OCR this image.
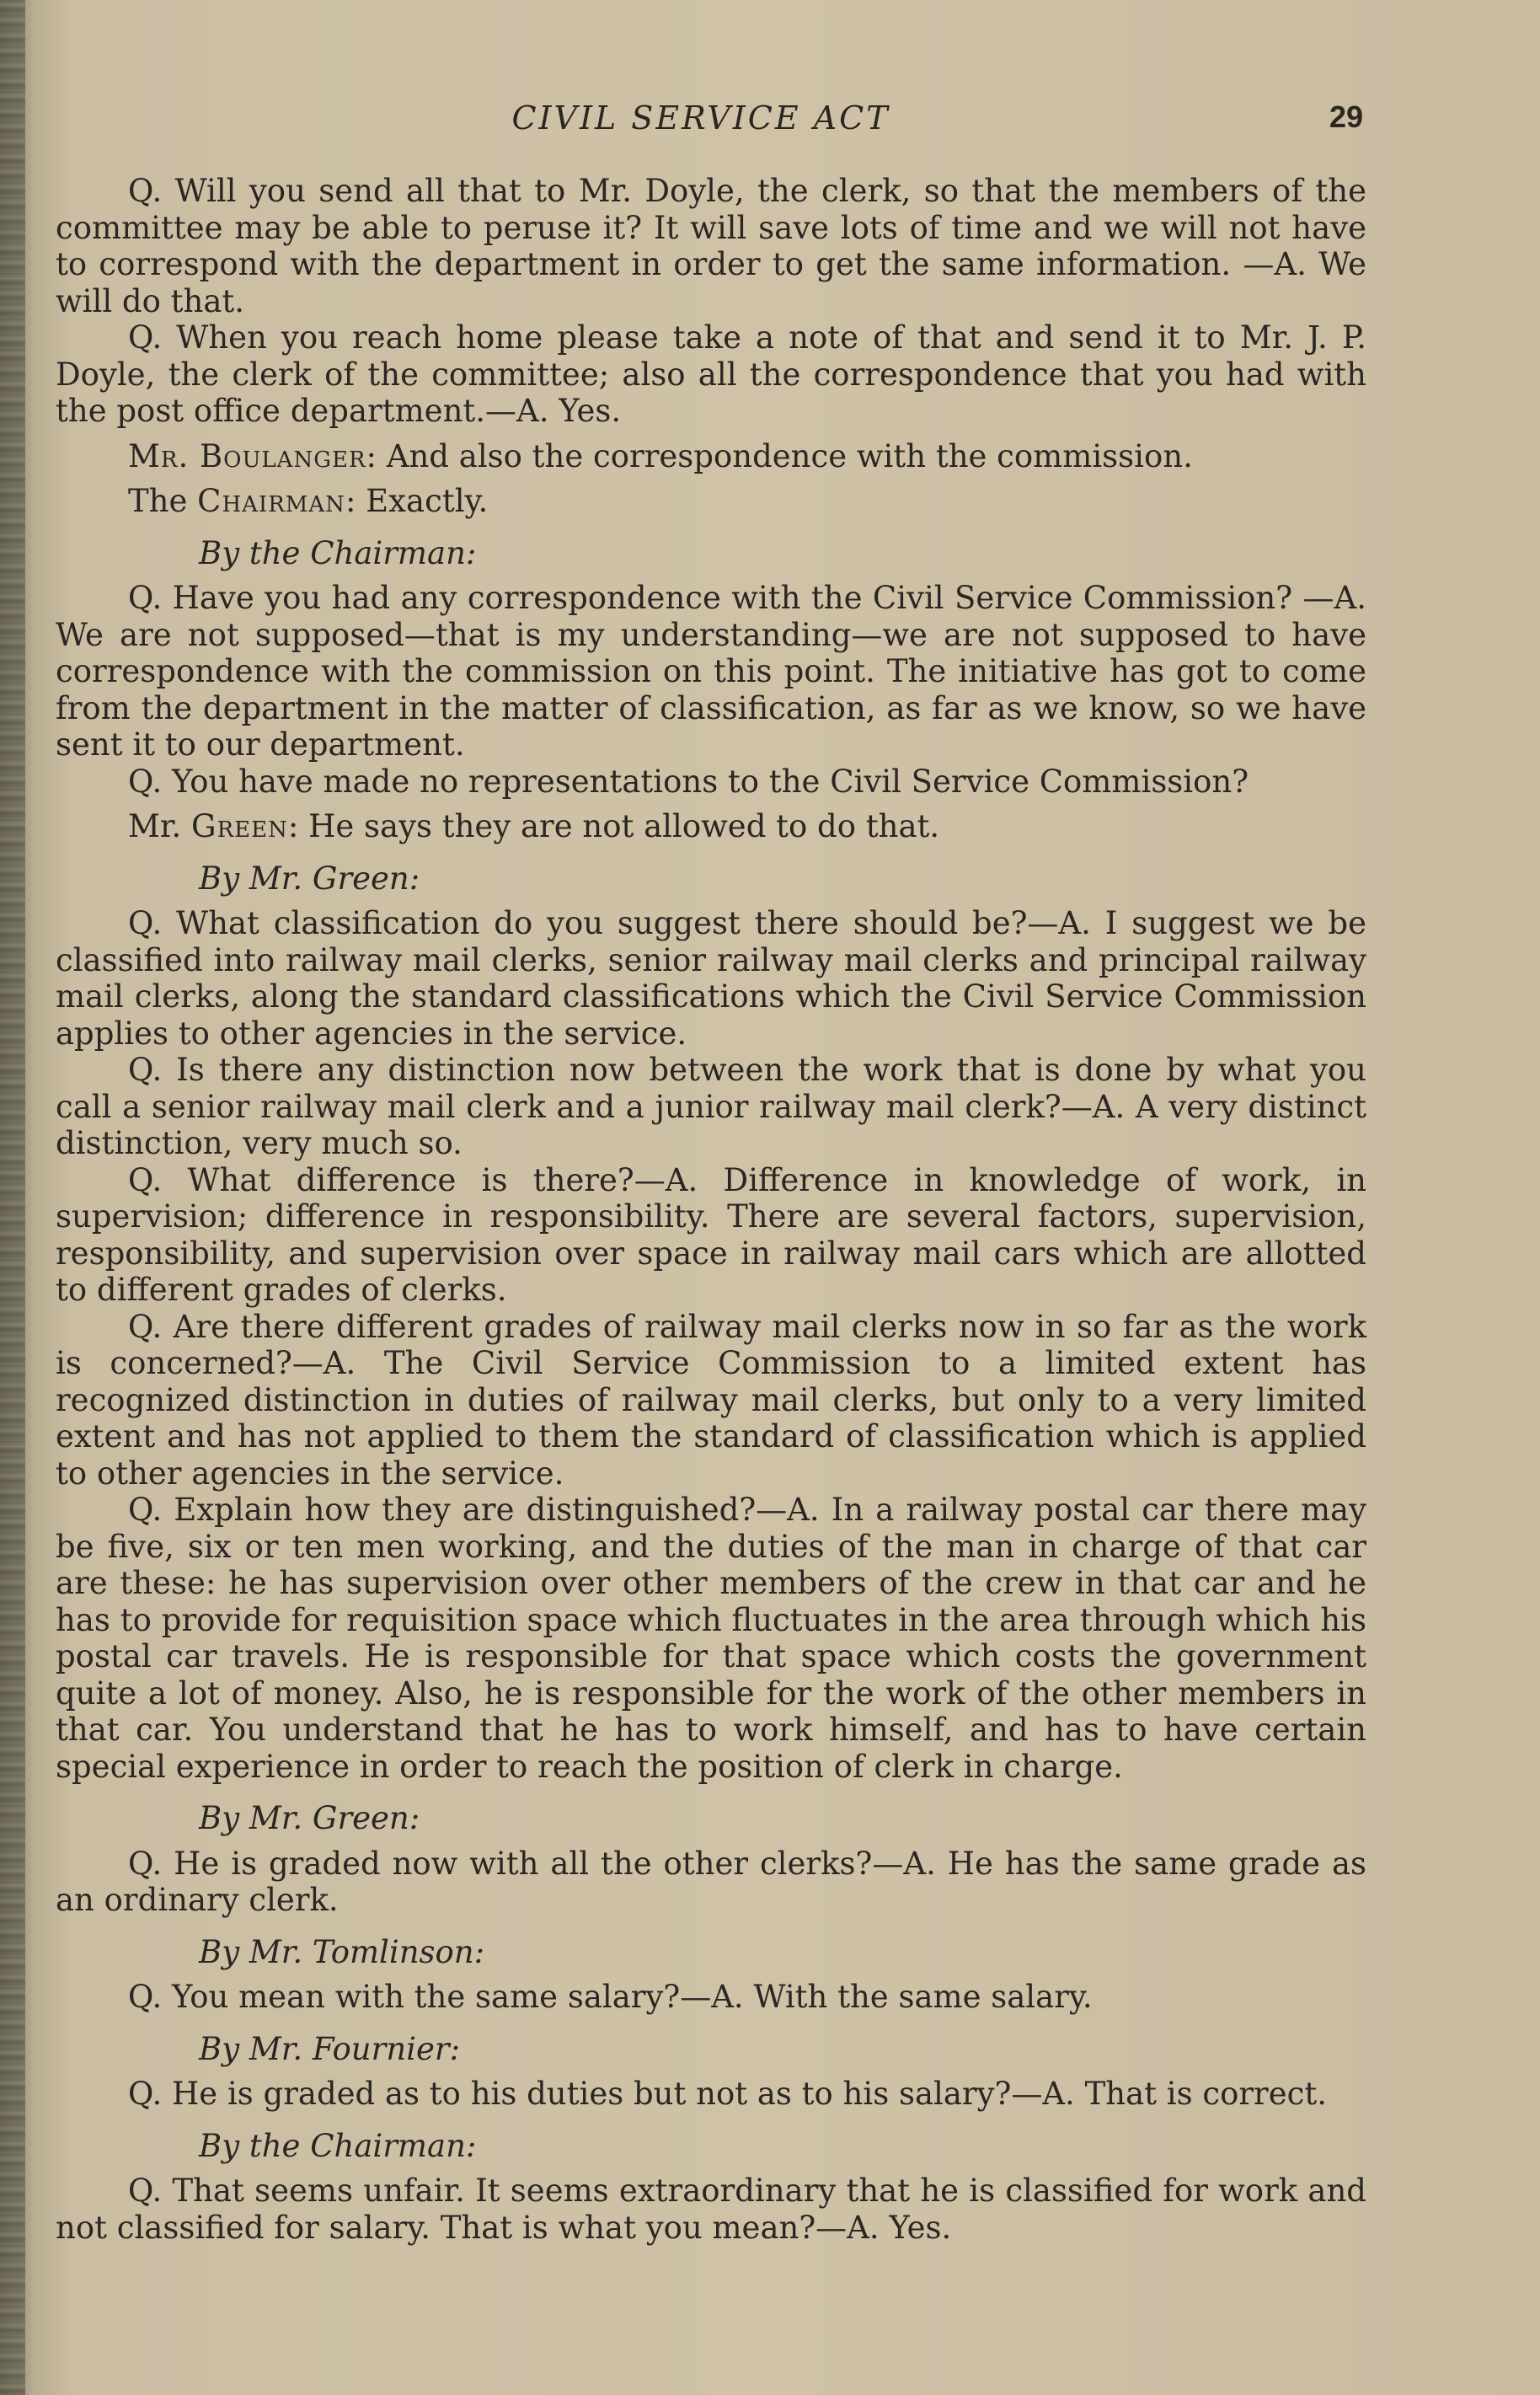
CIVIL SERVICE ACT	29

Q. Will you send all that to Mr. Doyle, the clerk, so that the members of the committee may be able to peruse it? It will save lots of time and we will not have to correspond with the department in order to get the same information. —A. We will do that.

Q. When you reach home please take a note of that and send it to Mr. J. P. Doyle, the clerk of the committee; also all the correspondence that you had with the post office department.—A. Yes.

Mr. Boulanger: And also the correspondence with the commission.

The Chairman: Exactly.

By the Chairman:

Q. Have you had any correspondence with the Civil Service Commission? —A. We are not supposed—that is my understanding—we are not supposed to have correspondence with the commission on this point. The initiative has got to come from the department in the matter of classification, as far as we know, so we have sent it to our department.

Q. You have made no representations to the Civil Service Commission?

Mr. Green: He says they are not allowed to do that.

By Mr. Green:

Q. What classification do you suggest there should be?—A. I suggest we be classified into railway mail clerks, senior railway mail clerks and principal railway mail clerks, along the standard classifications which the Civil Service Commission applies to other agencies in the service.

Q. Is there any distinction now between the work that is done by what you call a senior railway mail clerk and a junior railway mail clerk?—A. A very distinct distinction, very much so.

Q. What difference is there?—A. Difference in knowledge of work, in supervision; difference in responsibility. There are several factors, supervision, responsibility, and supervision over space in railway mail cars which are allotted to different grades of clerks.

Q. Are there different grades of railway mail clerks now in so far as the work is concerned?—A. The Civil Service Commission to a limited extent has recognized distinction in duties of railway mail clerks, but only to a very limited extent and has not applied to them the standard of classification which is applied to other agencies in the service.

Q. Explain how they are distinguished?—A. In a railway postal car there may be five, six or ten men working, and the duties of the man in charge of that car are these: he has supervision over other members of the crew in that car and he has to provide for requisition space which fluctuates in the area through which his postal car travels. He is responsible for that space which costs the government quite a lot of money. Also, he is responsible for the work of the other members in that car. You understand that he has to work himself, and has to have certain special experience in order to reach the position of clerk in charge.

By Mr. Green:

Q. He is graded now with all the other clerks?—A. He has the same grade as an ordinary clerk.

By Mr. Tomlinson:

Q. You mean with the same salary?—A. With the same salary.

By Mr. Fournier:

Q. He is graded as to his duties but not as to his salary?—A. That is correct.

By the Chairman:

Q. That seems unfair. It seems extraordinary that he is classified for work and not classified for salary. That is what you mean?—A. Yes.
